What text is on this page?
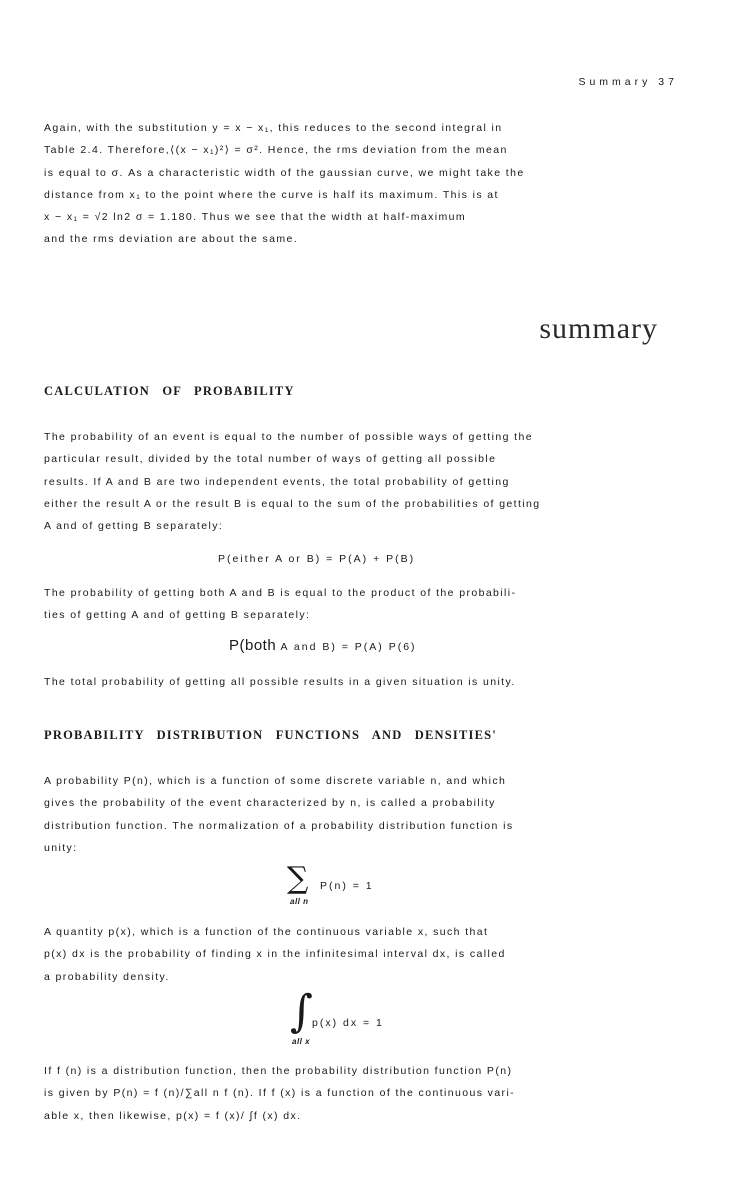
Summary 37
Again, with the substitution y = x − x₁, this reduces to the second integral in
Table 2.4. Therefore,⟨(x − x₁)²⟩ = σ². Hence, the rms deviation from the mean
is equal to σ. As a characteristic width of the gaussian curve, we might take the
distance from x₁ to the point where the curve is half its maximum. This is at
x − x₁ = √2 ln2 σ = 1.180. Thus we see that the width at half-maximum
and the rms deviation are about the same.
summary
CALCULATION OF PROBABILITY
The probability of an event is equal to the number of possible ways of getting the
particular result, divided by the total number of ways of getting all possible
results. If A and B are two independent events, the total probability of getting
either the result A or the result B is equal to the sum of the probabilities of getting
A and of getting B separately:
P(either A or B) = P(A) + P(B)
The probability of getting both A and B is equal to the product of the probabili-
ties of getting A and of getting B separately:
P(both A and B) = P(A) P(6)
The total probability of getting all possible results in a given situation is unity.
PROBABILITY DISTRIBUTION FUNCTIONS AND DENSITIES'
A probability P(n), which is a function of some discrete variable n, and which
gives the probability of the event characterized by n, is called a probability
distribution function. The normalization of a probability distribution function is
unity:
∑ P(n) = 1
all n
A quantity p(x), which is a function of the continuous variable x, such that
p(x) dx is the probability of finding x in the infinitesimal interval dx, is called
a probability density.
∫ p(x) dx = 1
all x
If f (n) is a distribution function, then the probability distribution function P(n)
is given by P(n) = f (n)/∑all n f (n). If f (x) is a function of the continuous vari-
able x, then likewise, p(x) = f (x)/ ∫f (x) dx.
